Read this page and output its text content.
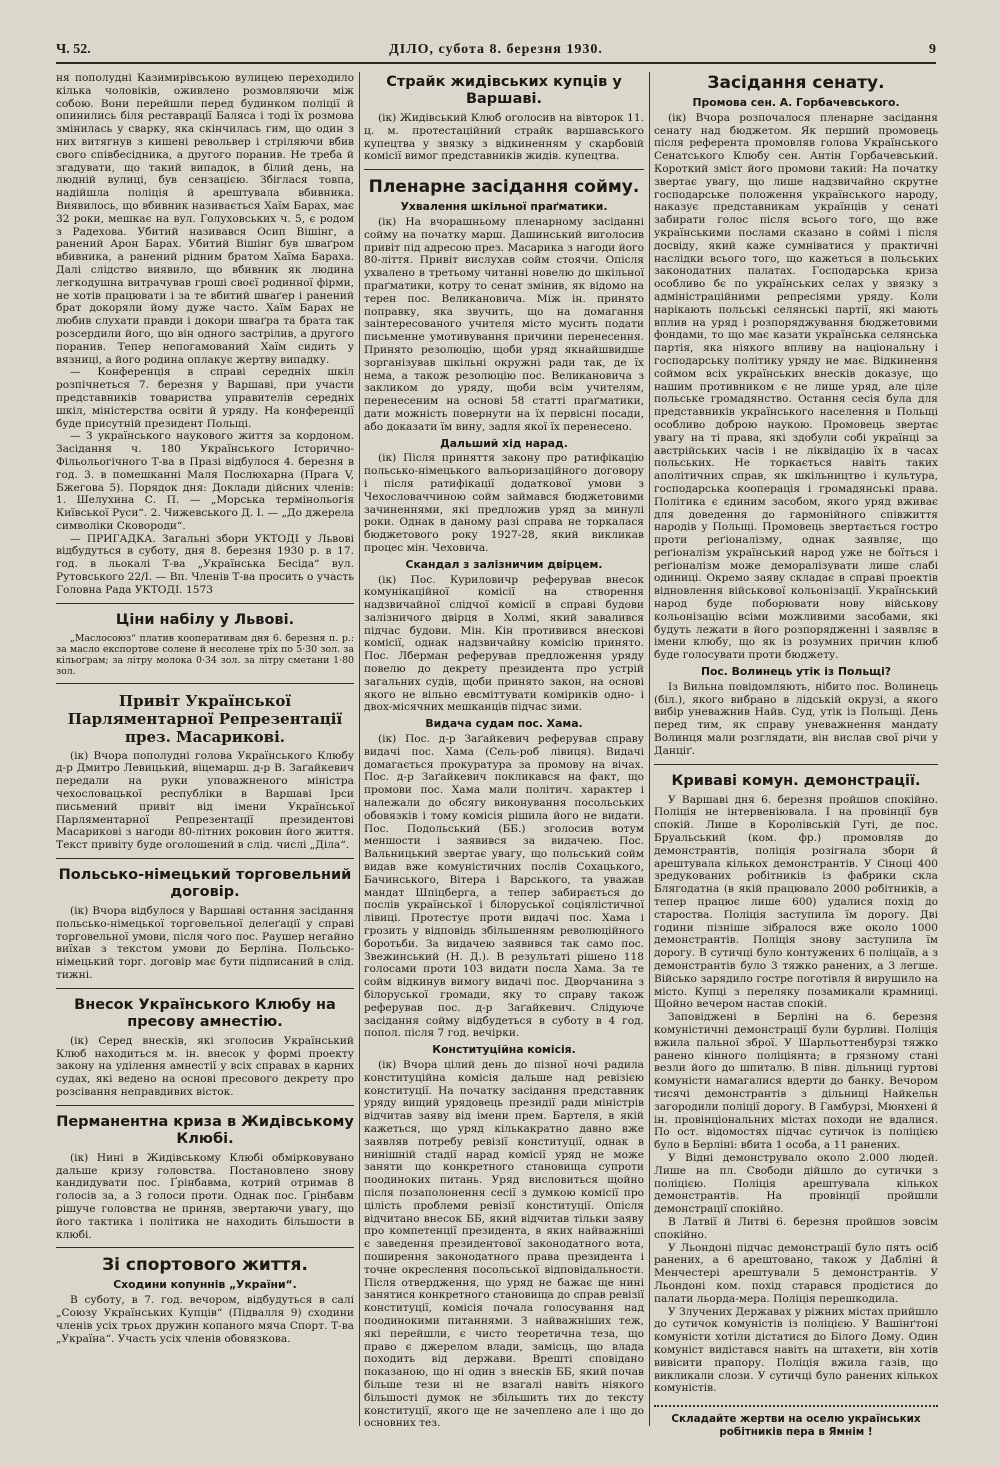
Ч. 52.	ДІЛО, субота 8. березня 1930.	9

ня пополудні Казимирівською вулицею переходило кілька чоловіків, оживлено розмовляючи між собою. Вони перейшли перед будинком поліції й опинились біля реставрації Баляса і тоді їх розмова змінилась у сварку, яка скінчилась гим, що один з них витягнув з кишені револьвер і стріляючи вбив свого співбесідника, а другого поранив. Не треба й згадувати, що такий випадок, в білий день, на людній вулиці, був сензацією. Збіглася товпа, надійшла поліція й арештувала вбивника. Виявилось, що вбивник називається Хаїм Барах, має 32 роки, мешкає на вул. Голуховських ч. 5, є родом з Радехова. Убитий називався Осип Вішінг, а ранений Арон Барах. Убитий Вішінг був шваґром вбивника, а ранений рідним братом Хаїма Бараха. Далі слідство виявило, що вбивник як людина легкодушна витрачував гроші своєї родинної фірми, не хотів працювати і за те вбитий шваґер і ранений брат докоряли йому дуже часто. Хаїм Барах не любив слухати правди і докори шваґра та брата так розсердили його, що він одного застрілив, а другого поранив. Тепер непогамований Хаїм сидить у вязниці, а його родина оплакує жертву випадку.

— Конференція в справі середніх шкіл розпічнеться 7. березня у Варшаві, при участи представників товариства управителів середніх шкіл, міністерства освіти й уряду. На конференції буде присутній президент Польщі.

— З українського наукового життя за кордоном. Засідання ч. 180 Українського Історично-Фільольогічного Т-ва в Празі відбулося 4. березня в год. 3. в помешканні Маля Послюхарна (Прага V, Бжегова 5). Порядок дня: Доклади дійсних членів: 1. Шелухина С. П. — „Морська термінольогія Київської Руси“. 2. Чижевського Д. І. — „До джерела символіки Сковороди“.

— ПРИГАДКА. Загальні збори УКТОДІ у Львові відбудуться в суботу, дня 8. березня 1930 р. в 17. год. в льокалі Т-ва „Українська Бесіда“ вул. Рутовського 22/І. — Вп. Членів Т-ва просить о участь Головна Рада УКТОДІ. 1573

Ціни набілу у Львові.

„Маслосоюз“ платив кооперативам дня 6. березня п. р.: за масло експортове соленe й несолене тріх по 5·30 зол. за кільоґрам; за літру молока 0·34 зол. за літру сметани 1·80 зол.

Привіт Української Парляментарної Репрезентації през. Масарикові.

(ік) Вчора пополудні голова Українського Клюбу д-р Дмитро Левицький, віцемарш. д-р В. Заґайкевич передали на руки уповажненого міністра чехословацької республіки в Варшаві Ірси письмений привіт від імени Української Парляментарної Репрезентації президентові Масарикові з нагоди 80-літних роковин його життя. Текст привіту буде оголошений в слід. числі „Діла“.

Польсько-німецький торговельний договір.

(ік) Вчора відбулося у Варшаві остання засідання польсько-німецької торговельної делеґації у справі торговельної умови, після чого пос. Раушер негайно виїхав з текстом умови до Берліна. Польсько-німецький торг. договір має бути підписаний в слід. тижні.

Внесок Українського Клюбу на пресову амнестію.

(ік) Серед внесків, які зголосив Український Клюб находиться м. ін. внесок у формі проекту закону на уділення амнестії у всіх справах в карних судах, які ведено на основі пресового декрету про розсівання неправдивих вісток.

Перманентна криза в Жидівському Клюбі.

(ік) Нині в Жидівському Клюбі обмірковувано дальше кризу головства. Постановлено знову кандидувати пос. Ґрінбавма, котрий отримав 8 голосів за, а 3 голоси проти. Однак пос. Ґрінбавм рішуче головства не приняв, звертаючи увагу, що його тактика і політика не находить більшости в клюбі.

Зі спортового життя.
Сходини копуннів „України“.

В суботу, в 7. год. вечором, відбудуться в салі „Союзу Українських Купців“ (Підвалля 9) сходини членів усіх трьох дружин копаного мяча Спорт. Т-ва „Україна“. Участь усіх членів обовязкова.

Страйк жидівських купців у Варшаві.

(ік) Жидівський Клюб оголосив на вівторок 11. ц. м. протестаційний страйк варшавського купецтва у звязку з відкиненням у скарбовій комісії вимог представників жидів. купецтва.

Пленарне засідання сойму.
Ухвалення шкільної праґматики.

(ік) На вчорашньому пленарному засіданні сойму на початку марш. Дашинський виголосив привіт під адресою през. Масарика з нагоди його 80-ліття. Привіт вислухав сойм стоячи. Опісля ухвалено в третьому читанні новелю до шкільної праґматики, котру то сенат змінив, як відомо на терен пос. Великановича. Між ін. принято поправку, яка звучить, що на домагання заінтересованого учителя місто мусить подати письменне умотивування причини перенесення. Принято резолюцію, щоби уряд якнайшвидше зорганізував шкільні окружні ради так, де їх нема, а також резолюцію пос. Великановича з закликом до уряду, щоби всім учителям, перенесеним на основі 58 статті праґматики, дати можність повернути на їх первісні посади, або доказати їм вину, задля якої їх перенесено.

Дальший хід нарад.

(ік) Після приняття закону про ратифікацію польсько-німецького вальоризаційного договору і після ратифікації додаткової умови з Чехословаччиною сойм займався бюджетовими зачиненнями, які предложив уряд за минулі роки. Однак в даному разі справа не торкалася бюджетового року 1927-28, який викликав процес мін. Чеховича.

Скандал з залізничим двірцем.

(ік) Пос. Куриловичр реферував внесок комунікаційної комісії на створення надзвичайної слідчої комісії в справі будови залізничого двірця в Холмі, який завалився підчас будови. Мін. Кін противився внескові комісії, однак надзвичайну комісію принято. Пос. Лберман реферував предложення уряду повелю до декрету президента про устрій загальних судів, щоби принято закон, на основі якого не вільно евсміттувати коміриків одно- і двох-місячних мешканців підчас зими.

Видача судам пос. Хама.

(ік) Пос. д-р Заґайкевич реферував справу видачі пос. Хама (Сель-роб лівиця). Видачі домагається прокуратура за промову на вічах. Пос. д-р Заґайкевич покликався на факт, що промови пос. Хама мали політич. характер і належали до обсягу виконування посольських обовязків і тому комісія рішила його не видати. Пос. Подольський (ББ.) зголосив вотум меншости і заявився за видачею. Пос. Вальницький звертає увагу, що польський сойм видав вже комуністичних послів Сохацького, Бачинського, Вітера і Варського, та уважав мандат Шпіцберга, а тепер забирається до послів української і білоруської соціялістичної лівиці. Протестує проти видачі пос. Хама і грозить у відповідь збільшенням революційного боротьби. За видачею заявився так само пос. Звежинський (Н. Д.). В результаті рішено 118 голосами проти 103 видати посла Хама. За те сойм відкинув вимогу видачі пос. Дворчанина з білоруської громади, яку то справу також реферував пос. д-р Заґайкевич. Слідуюче засідання сойму відбудеться в суботу в 4 год. попол. після 7 год. вечірки.

Конституційна комісія.

(ік) Вчора цілий день до пізної ночі радила конституційна комісія дальше над ревізією конституції. На початку засідання представник уряду вищий урядовець президії ради міністрів відчитав заяву від імени прем. Бартеля, в якій кажеться, що уряд кількакратно давно вже заявляв потребу ревізії конституції, однак в нинішній стадії нарад комісії уряд не може заняти що конкретного становища супроти поодиноких питань. Уряд висловиться щойно після позаполонення сесії з думкою комісії про цілість проблеми ревізії конституції. Опісля відчитано внесок ББ, який відчитав тільки заяву про компетенції президента, в яких найважніші є заведення президентової законодатного вота, поширення законодатного права президента і точне окреслення посольської відповідальности. Після отвердження, що уряд не бажає ще нині занятися конкретного становища до справ ревізії конституції, комісія почала голосування над поодинокими питаннями. З найважніших теж, які перейшли, є чисто теоретична теза, що право є джерелом влади, замісць, що влада походить від держави. Врешті сповідано показаною, що ні один з внесків ББ, який почав більше тези ні не взагалі навіть ніякого більшості думок не збільшить тих до тексту конституції, якого ще не зачеплено але і що до основних тез.

Засідання сенату.
Промова сен. А. Горбачевського.

(ік) Вчора розпочалося пленарне засідання сенату над бюджетом. Як перший промовець після референта промовляв голова Українського Сенатського Клюбу сен. Антін Горбачевський. Короткий зміст його промови такий: На початку звертає увагу, що лише надзвичайно скрутне господарське положення українського народу, наказує представникам українців у сенаті забирати голос після всього того, що вже українськими послами сказано в соймі і після досвіду, який каже сумніватися у практичні наслідки всього того, що кажеться в польських законодатних палатах. Господарська криза особливо бє по українських селах у звязку з адміністраційними репресіями уряду. Коли нарікають польські селянські партії, які мають вплив на уряд і розпоряджування бюджетовими фондами, то що має казати українська селянська партія, яка ніякого впливу на національну і господарську політику уряду не має. Відкинення соймом всіх українських внесків доказує, що нашим противником є не лише уряд, але ціле польське громадянство. Остання сесія була для представників українського населення в Польщі особливо доброю наукою. Промовець звертає увагу на ті права, які здобули собі українці за австрійських часів і не ліквідацію їх в часах польських. Не торкається навіть таких аполітичних справ, як шкільництво і культура, господарська кооперація і громадянські права. Політика є єдиним засобом, якого уряд вживає для доведення до гармонійного співжиття народів у Польщі. Промовець звертається гостро проти реґіоналізму, однак заявляє, що реґіоналізм український народ уже не боїться і реґіоналізм може деморалізувати лише слабі одиниці. Окремо заяву складає в справі проектів відновлення військової кольонізації. Український народ буде поборювати нову військову кольонізацію всіми можливими засобами, які будуть лежати в його розпорядженні і заявляє в імени клюбу, що як із розумних причин клюб буде голосувати проти бюджету.

Пос. Волинець утік із Польщі?

Із Вильна повідомляють, нібито пос. Волинець (біл.), якого вибрано в лідській окрузі, а якого вибір уневажнив Найв. Суд, утік із Польщі. День перед тим, як справу уневажнення мандату Волинця мали розглядати, він вислав свої річи у Данціґ.

Криваві комун. демонстрації.

У Варшаві дня 6. березня пройшов спокійно. Поліція не інтервеніювала. І на провінції був спокій. Лише в Королівській Гуті, де пос. Бруальський (ком. фр.) промовляв до демонстрантів, поліція розігнала збори й арештувала кількох демонстрантів. У Сіноці 400 зредукованих робітників із фабрики скла Блягодатна (в якій працювало 2000 робітників, а тепер працює лише 600) удалися похід до староства. Поліція заступила їм дорогу. Дві години пізніше зібралося вже около 1000 демонстрантів. Поліція знову заступила їм дорогу. В сутичці було контужених 6 поліцаїв, а з демонстрантів було 3 тяжко ранених, а 3 легше. Військо зарядило гостре поготівля й вирушило на місто. Купці з переляку позамикали крамниці. Щойно вечером настав спокій.

Заповіджені в Берліні на 6. березня комуністичні демонстрації були бурливі. Поліція вжила пальної зброї. У Шарльоттенбурзі тяжко ранено кінного поліціянта; в грязному стані везли його до шпиталю. В півн. дільниці гуртові комуністи намагалися вдерти до банку. Вечором тисячі демонстрантів з дільниці Найкельн загородили поліції дорогу. В Гамбурзі, Мюнхені й ін. провінціональних містах походи не вдалися. По ост. відомостях підчас сутичок із поліцією було в Берліні: вбита 1 особа, а 11 ранених.

У Відні демонструвало около 2.000 людей. Лише на пл. Свободи дійшло до сутички з поліцією. Поліція арештувала кількох демонстрантів. На провінції пройшли демонстрації спокійно.

В Латвії й Литві 6. березня пройшов зовсім спокійно.

У Льондоні підчас демонстрації було пять осіб ранених, а 6 арештовано, також у Дабліні й Менчестері арештували 5 демонстрантів. У Льондоні ком. похід старався продістися до палати льорда-мера. Поліція перешкодила.

У Злучених Державах у ріжних містах прийшло до сутичок комуністів із поліцією. У Вашінґтоні комуністи хотіли дістатися до Білого Дому. Один комуніст видістався навіть на штахети, він хотів вивісити прапору. Поліція вжила газів, що викликали слози. У сутичці було ранених кількох комуністів.

Складайте жертви на оселю українських робітників пера в Ямнім !
